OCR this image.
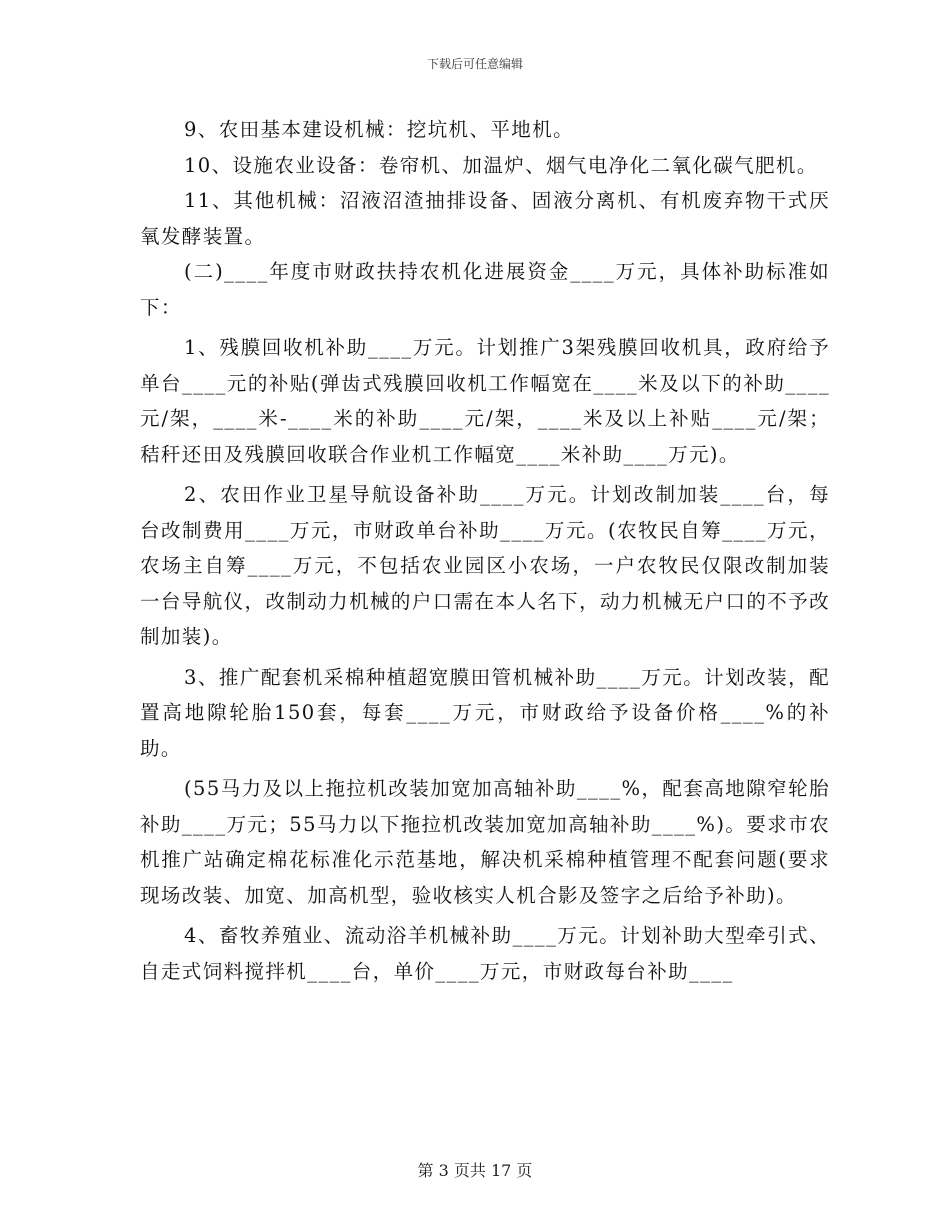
下载后可任意编辑

9、农田基本建设机械：挖坑机、平地机。

10、设施农业设备：卷帘机、加温炉、烟气电净化二氧化碳气肥机。

11、其他机械：沼液沼渣抽排设备、固液分离机、有机废弃物干式厌氧发酵装置。

(二)____年度市财政扶持农机化进展资金____万元，具体补助标准如下：

1、残膜回收机补助____万元。计划推广3架残膜回收机具，政府给予单台____元的补贴(弹齿式残膜回收机工作幅宽在____米及以下的补助____元/架，____米-____米的补助____元/架，____米及以上补贴____元/架；秸秆还田及残膜回收联合作业机工作幅宽____米补助____万元)。

2、农田作业卫星导航设备补助____万元。计划改制加装____台，每台改制费用____万元，市财政单台补助____万元。(农牧民自筹____万元，农场主自筹____万元，不包括农业园区小农场，一户农牧民仅限改制加装一台导航仪，改制动力机械的户口需在本人名下，动力机械无户口的不予改制加装)。

3、推广配套机采棉种植超宽膜田管机械补助____万元。计划改装，配置高地隙轮胎150套，每套____万元，市财政给予设备价格____%的补助。

(55马力及以上拖拉机改装加宽加高轴补助____%，配套高地隙窄轮胎补助____万元；55马力以下拖拉机改装加宽加高轴补助____%)。要求市农机推广站确定棉花标准化示范基地，解决机采棉种植管理不配套问题(要求现场改装、加宽、加高机型，验收核实人机合影及签字之后给予补助)。

4、畜牧养殖业、流动浴羊机械补助____万元。计划补助大型牵引式、自走式饲料搅拌机____台，单价____万元，市财政每台补助____

第 3 页共 17 页
